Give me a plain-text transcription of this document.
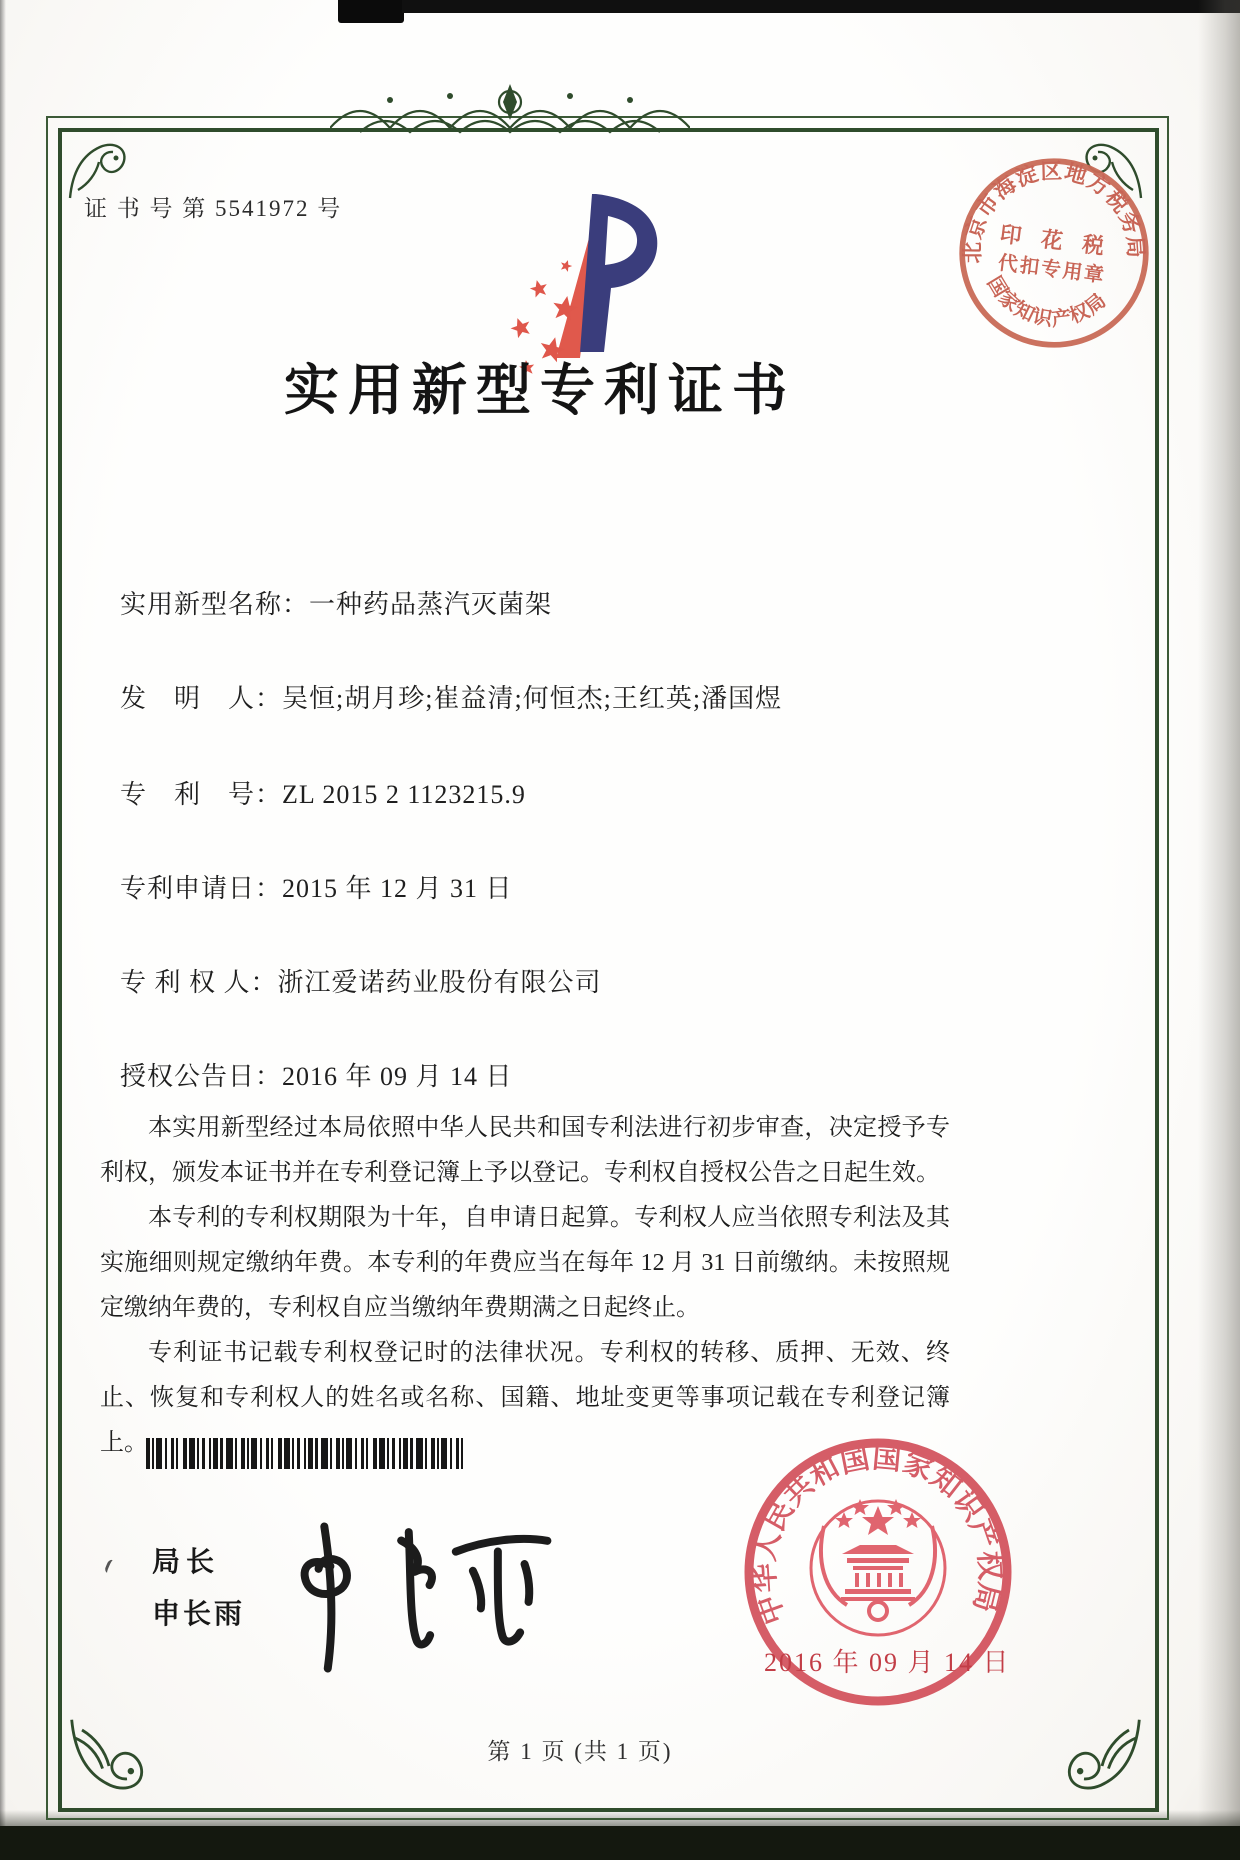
证 书 号 第 5541972 号
北京市海淀区地方税务局
国家知识产权局
印 花 税
代扣专用章
实用新型专利证书
实用新型名称：一种药品蒸汽灭菌架
发　明　人：吴恒;胡月珍;崔益清;何恒杰;王红英;潘国煜
专　利　号：ZL 2015 2 1123215.9
专利申请日：2015 年 12 月 31 日
专 利 权 人：浙江爱诺药业股份有限公司
授权公告日：2016 年 09 月 14 日

本实用新型经过本局依照中华人民共和国专利法进行初步审查，决定授予专利权，颁发本证书并在专利登记簿上予以登记。专利权自授权公告之日起生效。

本专利的专利权期限为十年，自申请日起算。专利权人应当依照专利法及其实施细则规定缴纳年费。本专利的年费应当在每年 12 月 31 日前缴纳。未按照规定缴纳年费的，专利权自应当缴纳年费期满之日起终止。

专利证书记载专利权登记时的法律状况。专利权的转移、质押、无效、终止、恢复和专利权人的姓名或名称、国籍、地址变更等事项记载在专利登记簿上。

局长
申长雨	中华人民共和国国家知识产权局
2016 年 09 月 14 日
第 1 页 (共 1 页)
